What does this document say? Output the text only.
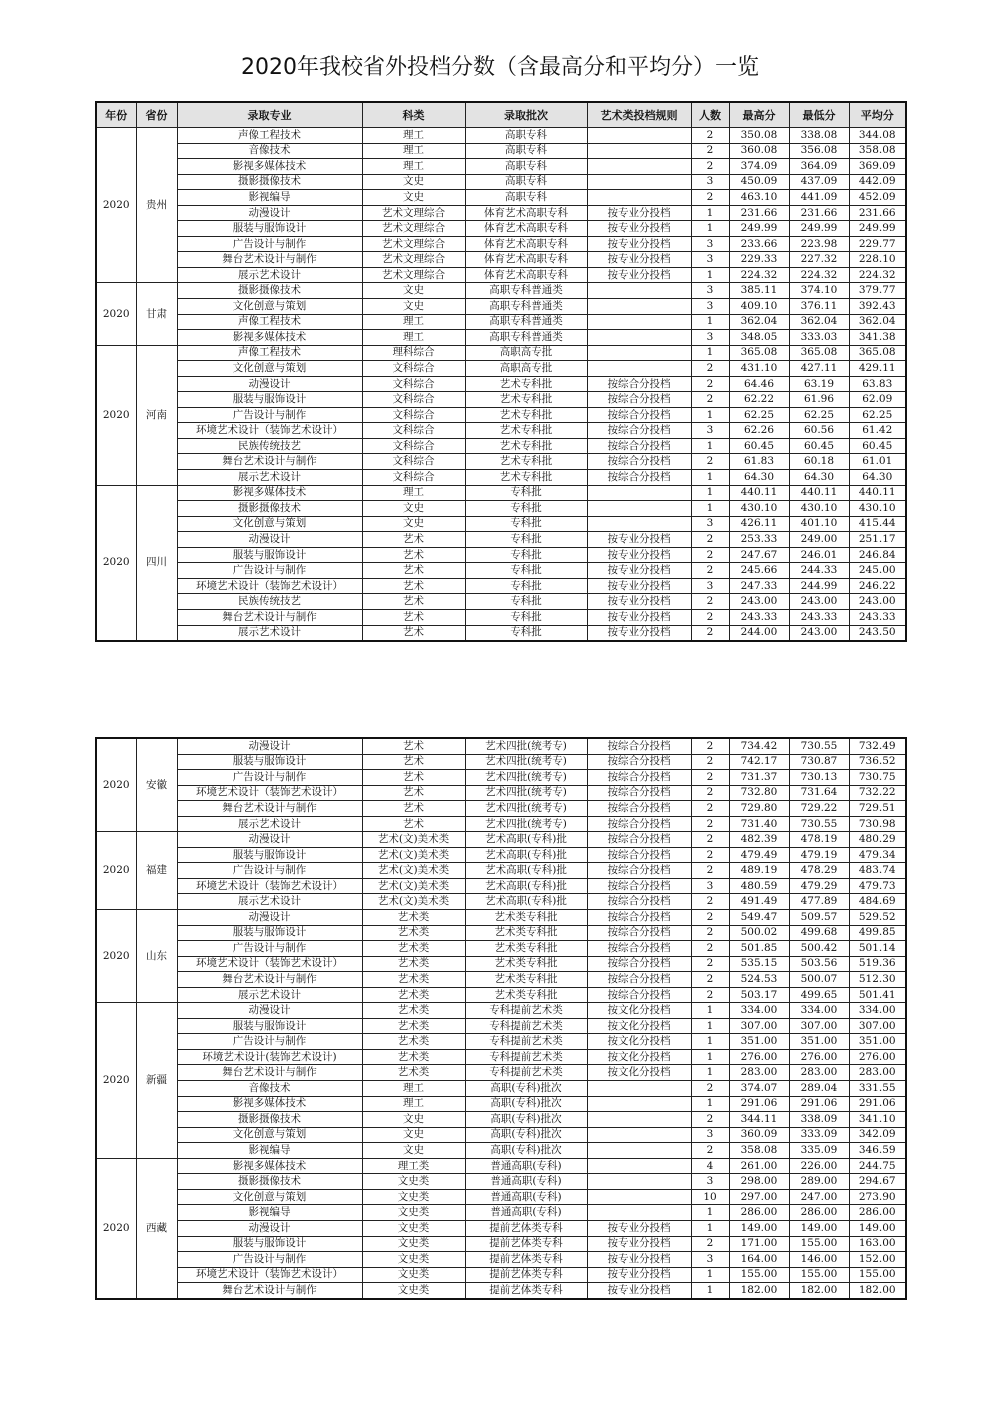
2020年我校省外投档分数（含最高分和平均分）一览
年份	省份	录取专业	科类	录取批次	艺术类投档规则	人数	最高分	最低分	平均分
2020	贵州	声像工程技术	理工	高职专科		2	350.08	338.08	344.08
		音像技术	理工	高职专科		2	360.08	356.08	358.08
		影视多媒体技术	理工	高职专科		2	374.09	364.09	369.09
		摄影摄像技术	文史	高职专科		3	450.09	437.09	442.09
		影视编导	文史	高职专科		2	463.10	441.09	452.09
		动漫设计	艺术文理综合	体育艺术高职专科	按专业分投档	1	231.66	231.66	231.66
		服装与服饰设计	艺术文理综合	体育艺术高职专科	按专业分投档	1	249.99	249.99	249.99
		广告设计与制作	艺术文理综合	体育艺术高职专科	按专业分投档	3	233.66	223.98	229.77
		舞台艺术设计与制作	艺术文理综合	体育艺术高职专科	按专业分投档	3	229.33	227.32	228.10
		展示艺术设计	艺术文理综合	体育艺术高职专科	按专业分投档	1	224.32	224.32	224.32
2020	甘肃	摄影摄像技术	文史	高职专科普通类		3	385.11	374.10	379.77
		文化创意与策划	文史	高职专科普通类		3	409.10	376.11	392.43
		声像工程技术	理工	高职专科普通类		1	362.04	362.04	362.04
		影视多媒体技术	理工	高职专科普通类		3	348.05	333.03	341.38
2020	河南	声像工程技术	理科综合	高职高专批		1	365.08	365.08	365.08
		文化创意与策划	文科综合	高职高专批		2	431.10	427.11	429.11
		动漫设计	文科综合	艺术专科批	按综合分投档	2	64.46	63.19	63.83
		服装与服饰设计	文科综合	艺术专科批	按综合分投档	2	62.22	61.96	62.09
		广告设计与制作	文科综合	艺术专科批	按综合分投档	1	62.25	62.25	62.25
		环境艺术设计（装饰艺术设计）	文科综合	艺术专科批	按综合分投档	3	62.26	60.56	61.42
		民族传统技艺	文科综合	艺术专科批	按综合分投档	1	60.45	60.45	60.45
		舞台艺术设计与制作	文科综合	艺术专科批	按综合分投档	2	61.83	60.18	61.01
		展示艺术设计	文科综合	艺术专科批	按综合分投档	1	64.30	64.30	64.30
2020	四川	影视多媒体技术	理工	专科批		1	440.11	440.11	440.11
		摄影摄像技术	文史	专科批		1	430.10	430.10	430.10
		文化创意与策划	文史	专科批		3	426.11	401.10	415.44
		动漫设计	艺术	专科批	按专业分投档	2	253.33	249.00	251.17
		服装与服饰设计	艺术	专科批	按专业分投档	2	247.67	246.01	246.84
		广告设计与制作	艺术	专科批	按专业分投档	2	245.66	244.33	245.00
		环境艺术设计（装饰艺术设计）	艺术	专科批	按专业分投档	3	247.33	244.99	246.22
		民族传统技艺	艺术	专科批	按专业分投档	2	243.00	243.00	243.00
		舞台艺术设计与制作	艺术	专科批	按专业分投档	2	243.33	243.33	243.33
		展示艺术设计	艺术	专科批	按专业分投档	2	244.00	243.00	243.50
2020	安徽	动漫设计	艺术	艺术四批(统考专)	按综合分投档	2	734.42	730.55	732.49
		服装与服饰设计	艺术	艺术四批(统考专)	按综合分投档	2	742.17	730.87	736.52
		广告设计与制作	艺术	艺术四批(统考专)	按综合分投档	2	731.37	730.13	730.75
		环境艺术设计（装饰艺术设计）	艺术	艺术四批(统考专)	按综合分投档	2	732.80	731.64	732.22
		舞台艺术设计与制作	艺术	艺术四批(统考专)	按综合分投档	2	729.80	729.22	729.51
		展示艺术设计	艺术	艺术四批(统考专)	按综合分投档	2	731.40	730.55	730.98
2020	福建	动漫设计	艺术(文)美术类	艺术高职(专科)批	按综合分投档	2	482.39	478.19	480.29
		服装与服饰设计	艺术(文)美术类	艺术高职(专科)批	按综合分投档	2	479.49	479.19	479.34
		广告设计与制作	艺术(文)美术类	艺术高职(专科)批	按综合分投档	2	489.19	478.29	483.74
		环境艺术设计（装饰艺术设计）	艺术(文)美术类	艺术高职(专科)批	按综合分投档	3	480.59	479.29	479.73
		展示艺术设计	艺术(文)美术类	艺术高职(专科)批	按综合分投档	2	491.49	477.89	484.69
2020	山东	动漫设计	艺术类	艺术类专科批	按综合分投档	2	549.47	509.57	529.52
		服装与服饰设计	艺术类	艺术类专科批	按综合分投档	2	500.02	499.68	499.85
		广告设计与制作	艺术类	艺术类专科批	按综合分投档	2	501.85	500.42	501.14
		环境艺术设计（装饰艺术设计）	艺术类	艺术类专科批	按综合分投档	2	535.15	503.56	519.36
		舞台艺术设计与制作	艺术类	艺术类专科批	按综合分投档	2	524.53	500.07	512.30
		展示艺术设计	艺术类	艺术类专科批	按综合分投档	2	503.17	499.65	501.41
2020	新疆	动漫设计	艺术类	专科提前艺术类	按文化分投档	1	334.00	334.00	334.00
		服装与服饰设计	艺术类	专科提前艺术类	按文化分投档	1	307.00	307.00	307.00
		广告设计与制作	艺术类	专科提前艺术类	按文化分投档	1	351.00	351.00	351.00
		环境艺术设计(装饰艺术设计)	艺术类	专科提前艺术类	按文化分投档	1	276.00	276.00	276.00
		舞台艺术设计与制作	艺术类	专科提前艺术类	按文化分投档	1	283.00	283.00	283.00
		音像技术	理工	高职(专科)批次		2	374.07	289.04	331.55
		影视多媒体技术	理工	高职(专科)批次		1	291.06	291.06	291.06
		摄影摄像技术	文史	高职(专科)批次		2	344.11	338.09	341.10
		文化创意与策划	文史	高职(专科)批次		3	360.09	333.09	342.09
		影视编导	文史	高职(专科)批次		2	358.08	335.09	346.59
2020	西藏	影视多媒体技术	理工类	普通高职(专科)		4	261.00	226.00	244.75
		摄影摄像技术	文史类	普通高职(专科)		3	298.00	289.00	294.67
		文化创意与策划	文史类	普通高职(专科)		10	297.00	247.00	273.90
		影视编导	文史类	普通高职(专科)		1	286.00	286.00	286.00
		动漫设计	文史类	提前艺体类专科	按专业分投档	1	149.00	149.00	149.00
		服装与服饰设计	文史类	提前艺体类专科	按专业分投档	2	171.00	155.00	163.00
		广告设计与制作	文史类	提前艺体类专科	按专业分投档	3	164.00	146.00	152.00
		环境艺术设计（装饰艺术设计）	文史类	提前艺体类专科	按专业分投档	1	155.00	155.00	155.00
		舞台艺术设计与制作	文史类	提前艺体类专科	按专业分投档	1	182.00	182.00	182.00
